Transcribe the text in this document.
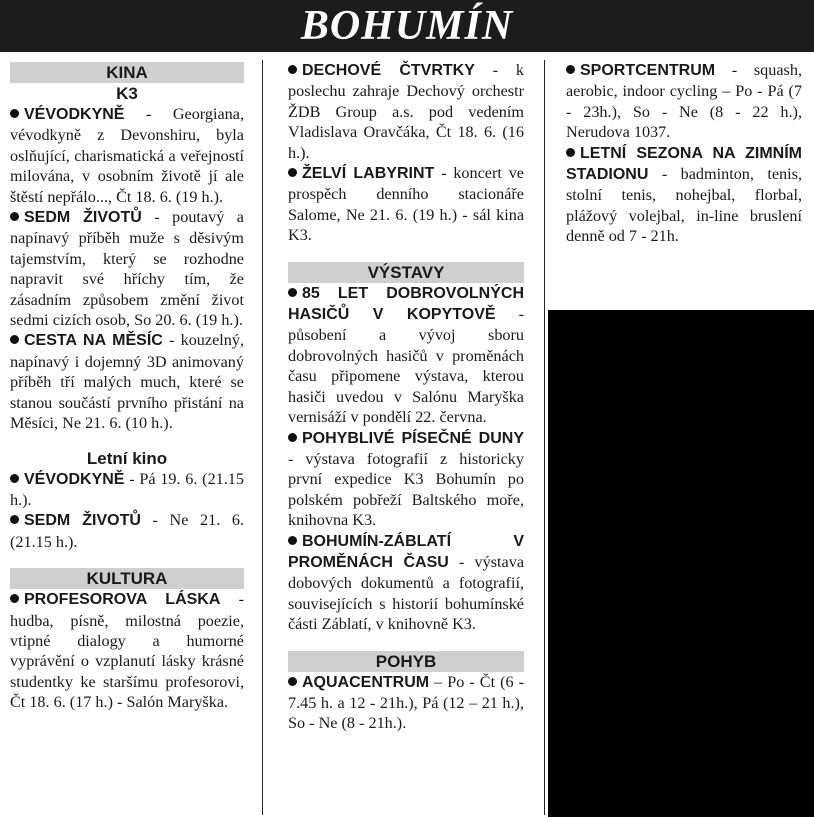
BOHUMÍN
KINA
K3
VÉVODKYNĚ - Georgiana, vévodkyně z Devonshiru, byla oslňující, charismatická a veřejností milována, v osobním životě jí ale štěstí nepřálo..., Čt 18. 6. (19 h.).
SEDM ŽIVOTŮ - poutavý a napínavý příběh muže s děsivým tajemstvím, který se rozhodne napravit své hříchy tím, že zásadním způsobem změní život sedmi cizích osob, So 20. 6. (19 h.).
CESTA NA MĚSÍC - kouzelný, napínavý i dojemný 3D animovaný příběh tří malých much, které se stanou součástí prvního přistání na Měsíci, Ne 21. 6. (10 h.).
Letní kino
VÉVODKYNĚ - Pá 19. 6. (21.15 h.).
SEDM ŽIVOTŮ - Ne 21. 6. (21.15 h.).
KULTURA
PROFESOROVA LÁSKA - hudba, písně, milostná poezie, vtipné dialogy a humorné vyprávění o vzplanutí lásky krásné studentky ke staršímu profesorovi, Čt 18. 6. (17 h.) - Salón Maryška.
DECHOVÉ ČTVRTKY - k poslechu zahraje Dechový orchestr ŽDB Group a.s. pod vedením Vladislava Oravčáka, Čt 18. 6. (16 h.).
ŽELVÍ LABYRINT - koncert ve prospěch denního stacionáře Salome, Ne 21. 6. (19 h.) - sál kina K3.
VÝSTAVY
85 LET DOBROVOLNÝCH HASIČŮ V KOPYTOVĚ - působení a vývoj sboru dobrovolných hasičů v proměnách času připomene výstava, kterou hasiči uvedou v Salónu Maryška vernisáží v pondělí 22. června.
POHYBLIVÉ PÍSEČNÉ DUNY - výstava fotografií z historicky první expedice K3 Bohumín po polském pobřeží Baltského moře, knihovna K3.
BOHUMÍN-ZÁBLATÍ V PROMĚNÁCH ČASU - výstava dobových dokumentů a fotografií, souvisejících s historií bohumínské části Záblatí, v knihovně K3.
POHYB
AQUACENTRUM – Po - Čt (6 - 7.45 h. a 12 - 21h.), Pá (12 – 21 h.), So - Ne (8 - 21h.).
SPORTCENTRUM - squash, aerobic, indoor cycling – Po - Pá (7 - 23h.), So - Ne (8 - 22 h.), Nerudova 1037.
LETNÍ SEZONA NA ZIMNÍM STADIONU - badminton, tenis, stolní tenis, nohejbal, florbal, plážový volejbal, in-line bruslení denně od 7 - 21h.
